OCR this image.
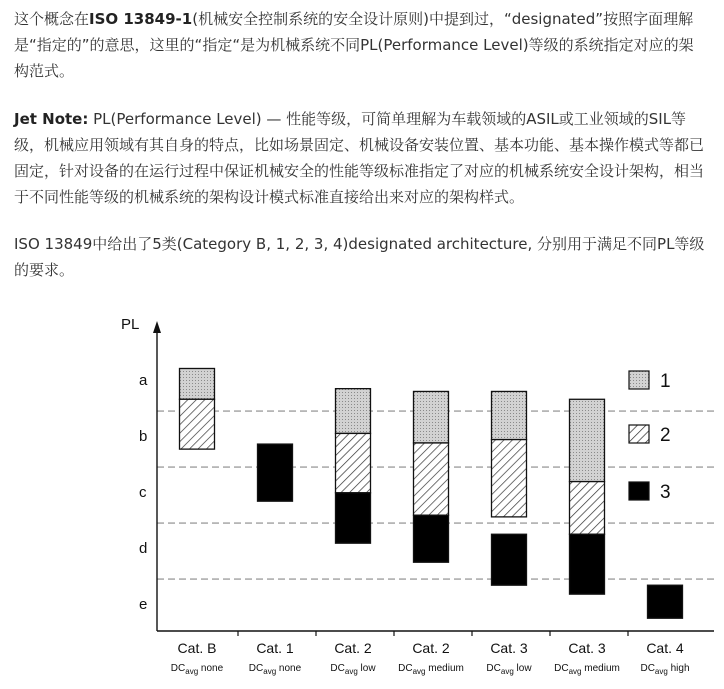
这个概念在ISO 13849-1(机械安全控制系统的安全设计原则)中提到过，“designated”按照字面理解是“指定的”的意思，这里的“指定“是为机械系统不同PL(Performance Level)等级的系统指定对应的架构范式。

Jet Note: PL(Performance Level) — 性能等级，可简单理解为车载领域的ASIL或工业领域的SIL等级，机械应用领域有其自身的特点，比如场景固定、机械设备安装位置、基本功能、基本操作模式等都已固定，针对设备的在运行过程中保证机械安全的性能等级标准指定了对应的机械系统安全设计架构，相当于不同性能等级的机械系统的架构设计模式标准直接给出来对应的架构样式。

ISO 13849中给出了5类(Category B, 1, 2, 3, 4)designated architecture, 分别用于满足不同PL等级的要求。

1
2
3
PL
a
b
c
d
e
Cat. B
$DC_{avg}$ none
Cat. 1
$DC_{avg}$ none
Cat. 2
$DC_{avg}$ low
Cat. 2
$DC_{avg}$ medium
Cat. 3
$DC_{avg}$ low
Cat. 3
$DC_{avg}$ medium
Cat. 4
$DC_{avg}$ high
